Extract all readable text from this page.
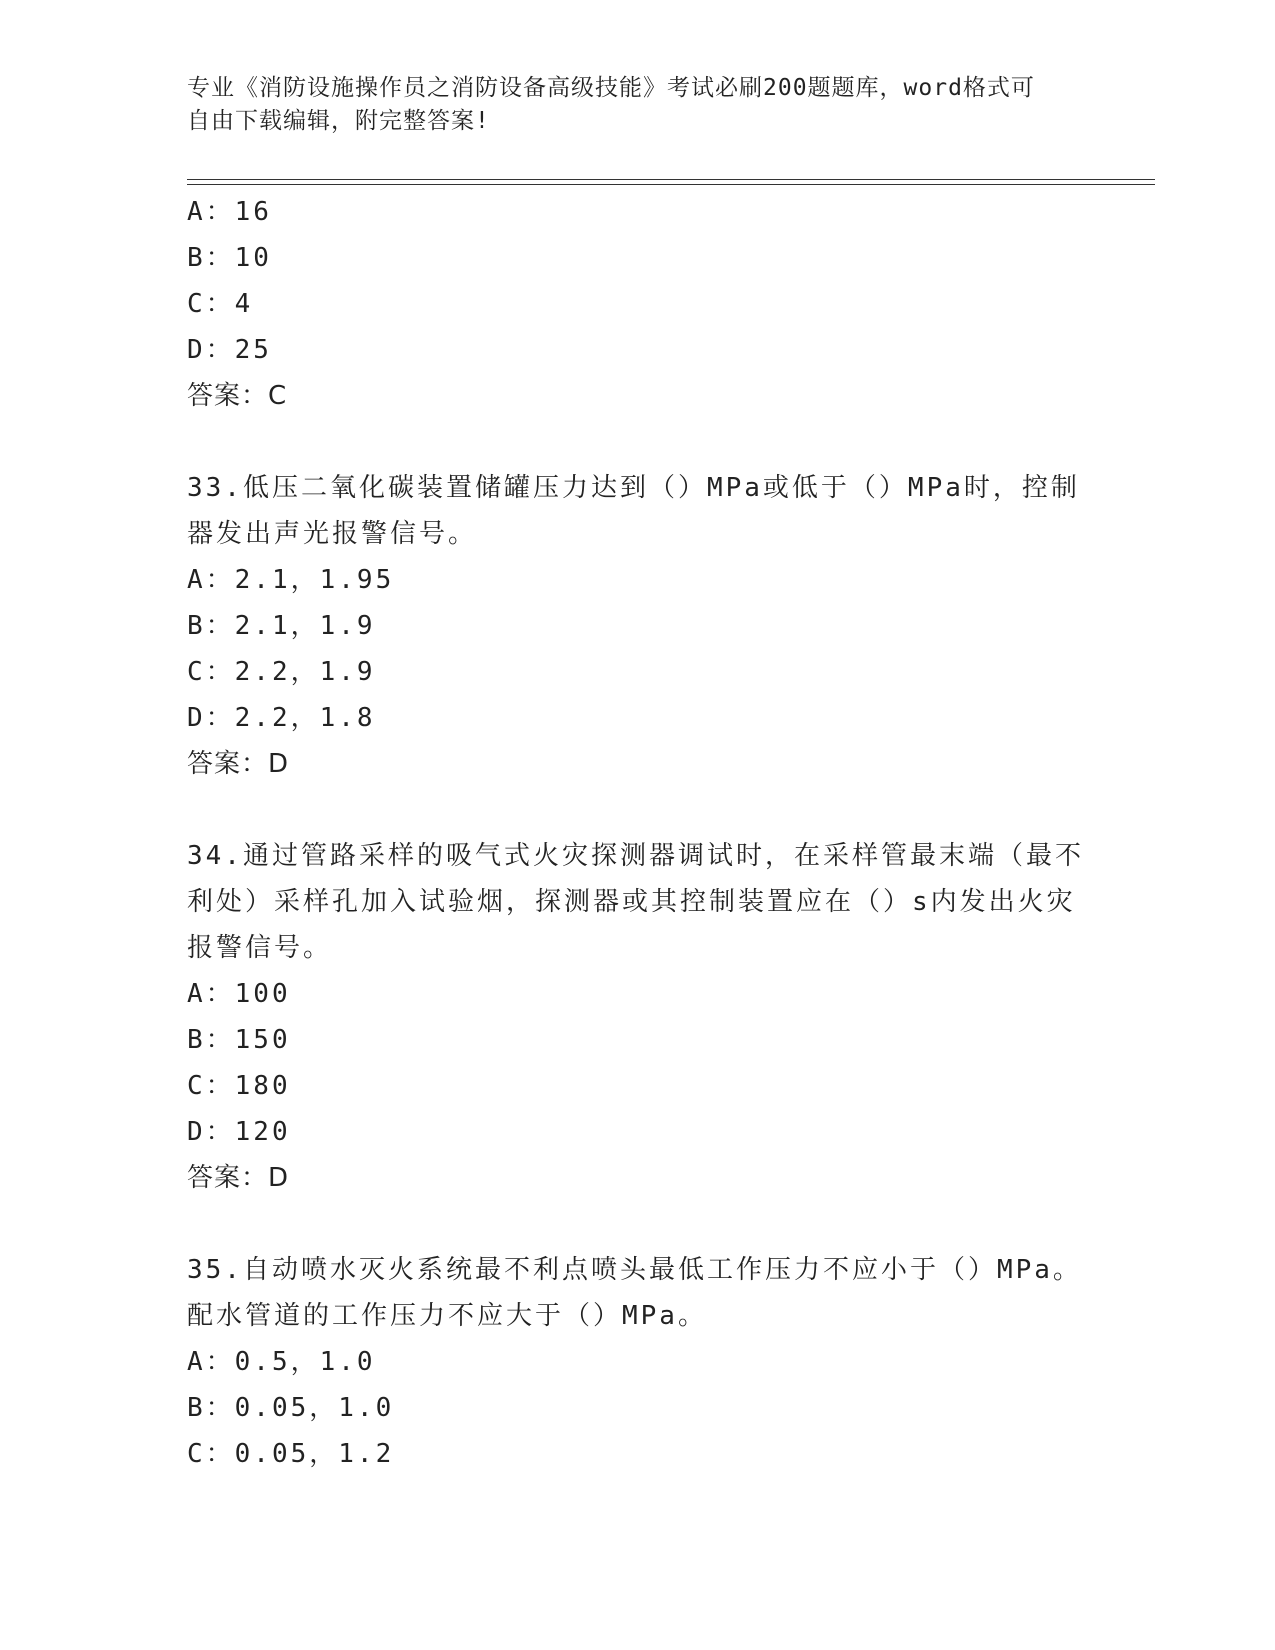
专业《消防设施操作员之消防设备高级技能》考试必刷200题题库，word格式可
自由下载编辑，附完整答案!
A：16
B：10
C：4
D：25
答案：C
33.低压二氧化碳装置储罐压力达到（）MPa或低于（）MPa时，控制
器发出声光报警信号。
A：2.1，1.95
B：2.1，1.9
C：2.2，1.9
D：2.2，1.8
答案：D
34.通过管路采样的吸气式火灾探测器调试时，在采样管最末端（最不
利处）采样孔加入试验烟，探测器或其控制装置应在（）s内发出火灾
报警信号。
A：100
B：150
C：180
D：120
答案：D
35.自动喷水灭火系统最不利点喷头最低工作压力不应小于（）MPa。
配水管道的工作压力不应大于（）MPa。
A：0.5，1.0
B：0.05，1.0
C：0.05，1.2
